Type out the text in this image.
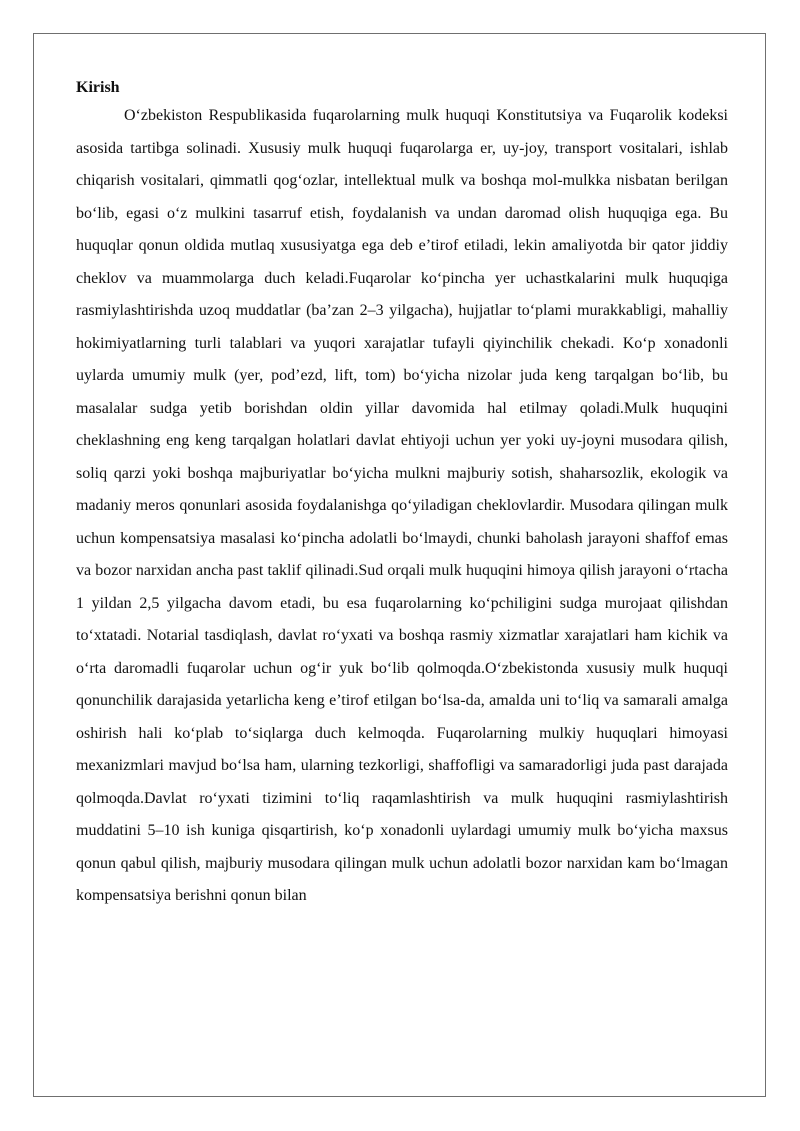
Kirish

O‘zbekiston Respublikasida fuqarolarning mulk huquqi Konstitutsiya va Fuqarolik kodeksi asosida tartibga solinadi. Xususiy mulk huquqi fuqarolarga er, uy-joy, transport vositalari, ishlab chiqarish vositalari, qimmatli qog‘ozlar, intellektual mulk va boshqa mol-mulkka nisbatan berilgan bo‘lib, egasi o‘z mulkini tasarruf etish, foydalanish va undan daromad olish huquqiga ega. Bu huquqlar qonun oldida mutlaq xususiyatga ega deb e’tirof etiladi, lekin amaliyotda bir qator jiddiy cheklov va muammolarga duch keladi.Fuqarolar ko‘pincha yer uchastkalarini mulk huquqiga rasmiylashtirishda uzoq muddatlar (ba’zan 2–3 yilgacha), hujjatlar to‘plami murakkabligi, mahalliy hokimiyatlarning turli talablari va yuqori xarajatlar tufayli qiyinchilik chekadi. Ko‘p xonadonli uylarda umumiy mulk (yer, pod’ezd, lift, tom) bo‘yicha nizolar juda keng tarqalgan bo‘lib, bu masalalar sudga yetib borishdan oldin yillar davomida hal etilmay qoladi.Mulk huquqini cheklashning eng keng tarqalgan holatlari davlat ehtiyoji uchun yer yoki uy-joyni musodara qilish, soliq qarzi yoki boshqa majburiyatlar bo‘yicha mulkni majburiy sotish, shaharsozlik, ekologik va madaniy meros qonunlari asosida foydalanishga qo‘yiladigan cheklovlardir. Musodara qilingan mulk uchun kompensatsiya masalasi ko‘pincha adolatli bo‘lmaydi, chunki baholash jarayoni shaffof emas va bozor narxidan ancha past taklif qilinadi.Sud orqali mulk huquqini himoya qilish jarayoni o‘rtacha 1 yildan 2,5 yilgacha davom etadi, bu esa fuqarolarning ko‘pchiligini sudga murojaat qilishdan to‘xtatadi. Notarial tasdiqlash, davlat ro‘yxati va boshqa rasmiy xizmatlar xarajatlari ham kichik va o‘rta daromadli fuqarolar uchun og‘ir yuk bo‘lib qolmoqda.O‘zbekistonda xususiy mulk huquqi qonunchilik darajasida yetarlicha keng e’tirof etilgan bo‘lsa-da, amalda uni to‘liq va samarali amalga oshirish hali ko‘plab to‘siqlarga duch kelmoqda. Fuqarolarning mulkiy huquqlari himoyasi mexanizmlari mavjud bo‘lsa ham, ularning tezkorligi, shaffofligi va samaradorligi juda past darajada qolmoqda.Davlat ro‘yxati tizimini to‘liq raqamlashtirish va mulk huquqini rasmiylashtirish muddatini 5–10 ish kuniga qisqartirish, ko‘p xonadonli uylardagi umumiy mulk bo‘yicha maxsus qonun qabul qilish, majburiy musodara qilingan mulk uchun adolatli bozor narxidan kam bo‘lmagan kompensatsiya berishni qonun bilan
